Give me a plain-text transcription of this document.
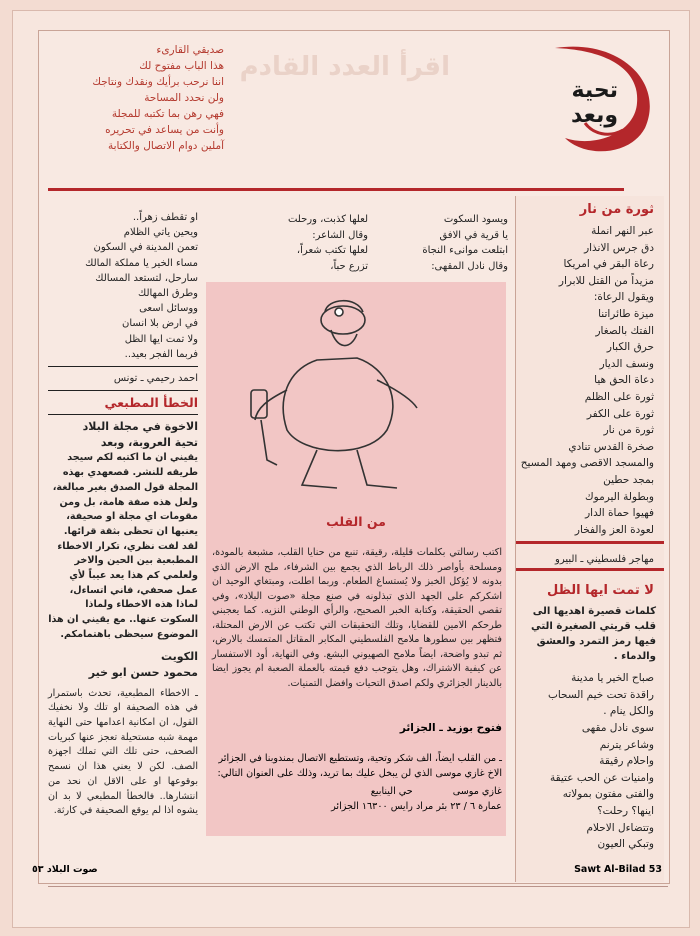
اقرأ العدد القادم
تحية وبعد
صديقي القارىء
هذا الباب مفتوح لك
اننا نرحب برأيك ونقدك ونتاجك
ولن نحدد المساحة
فهي رهن بما تكتبه للمجلة
وأنت من يساعد في تحريره
آملين دوام الاتصال والكتابة
ثورة من نار
عبر النهر انملة
دق جرس الانذار
رعاة البقر في امريكا
مزيداً من القتل للابرار
ويقول الرعاة:
ميزة طائراتنا
الفتك بالصغار
حرق الكبار
ونسف الديار
دعاة الحق هيا
ثورة على الظلم
ثورة على الكفر
ثورة من نار
صخرة القدس تنادي
والمسجد الاقصى ومهد المسيح
بمجد حطين
وبطولة اليرموك
فهيوا حماة الدار
لعودة العز والفخار
مهاجر فلسطيني ـ البيرو
لا تمت ايها الظل
كلمات قصيرة اهديها الى قلب قريتي الصغيرة التي فيها رمز التمرد والعشق والدماء .
صباح الخير يا مدينة
راقدة تحت خيم السحاب
والكل ينام .
سوى نادل مقهى
وشاعر يترنم
واحلام رقيقة
وامنيات عن الحب عتيقة
والفتى مفتون بمولاته
اينها؟ رحلت؟
وتتضاءل الاحلام
وتبكي العيون
ويسود السكوت
يا قرية في الافق
ابتلعت موانىء النجاة
وقال نادل المقهى:
لعلها كذبت، ورحلت
وقال الشاعر:
لعلها تكتب شعراً،
تزرع حباً،
او تقطف زهراً..
ويحين ياتي الظلام
تعمن المدينة في السكون
مساء الخير يا مملكة المالك
سارحل، لتستعد المسالك
وطرق المهالك
ووسائل اسعى
في ارض بلا انسان
ولا تمت ايها الظل
فربما الفجر بعيد..
احمد رحيمي ـ تونس
الخطأ المطبعي
الاخوة في مجلة البلاد
تحية العروبة، وبعد
يقيني ان ما اكتبه لكم سيجد طريقه للنشر. قصعهدي بهذه المجلة قول الصدق بغير مبالغة، ولعل هذه صفة هامة، بل ومن مقومات اي مجلة او صحيفة، يعنيها ان تحظى بثقة قرائها. لقد لفت نظري، تكرار الاخطاء المطبعية بين الحين والاخر ولعلمي كم هذا يعد عيباً لأي عمل صحفي، فاني اتساءل، لماذا هذه الاخطاء ولماذا السكوت عنها.. مع يقيني ان هذا الموضوع سيحظى باهتمامكم.
الكويت
محمود حسن ابو خير
ـ الاخطاء المطبعية، تحدث باستمرار في هذه الصحيفة او تلك ولا نخفيك القول، ان امكانية اعدامها حتى النهاية مهمة شبه مستحيلة تعجز عنها كبريات الصحف، حتى تلك التي تملك اجهزة الصف. لكن لا يعني هذا ان نسمح بوقوعها او على الاقل ان نحد من انتشارها.. فالخطأ المطبعي لا بد ان يشوه اذا لم يوقع الصحيفة في كارثة.
من القلب
اكتب رسالتي بكلمات قليلة، رقيقة، تنبع من حنايا القلب، مشبعة بالمودة، ومسلحة بأواصر ذلك الرباط الذي يجمع بين الشرفاء، ملح الارض الذي بدونه لا يُؤكل الخبز ولا يُستساغ الطعام. وربما اطلت، ومبتغاي الوحيد ان اشكركم على الجهد الذي تبذلونه في صنع مجلة «صوت البلاد»، وفي تقصي الحقيقة، وكتابة الخبر الصحيح، والرأي الوطني النزيه. كما يعجبني طرحكم الامين للقضايا، وتلك التحقيقات التي تكتب عن الارض المحتلة، فتظهر بين سطورها ملامح الفلسطيني المكابر المقاتل المتمسك بالارض، ثم تبدو واضحة، ايضاً ملامح الصهيوني البشع. وفي النهاية، أود الاستفسار عن كيفية الاشتراك، وهل يتوجب دفع قيمته بالعملة الصعبة ام يجوز ايضا بالدينار الجزائري ولكم اصدق التحيات وافضل التمنيات.
فتوح بوزيد ـ الجزائر
ـ من القلب ايضاً، الف شكر وتحية، وتستطيع الاتصال بمندوبنا في الجزائر الاخ غازي موسى الذي لن يبخل عليك بما تريد، وذلك على العنوان التالي:
غازي موسى
حي الينابيع
عمارة ٦ / ٢٣ بئر مراد رايس ١٦٣٠٠ الجزائر
Sawt Al-Bilad 53
صوت البلاد ٥٣
